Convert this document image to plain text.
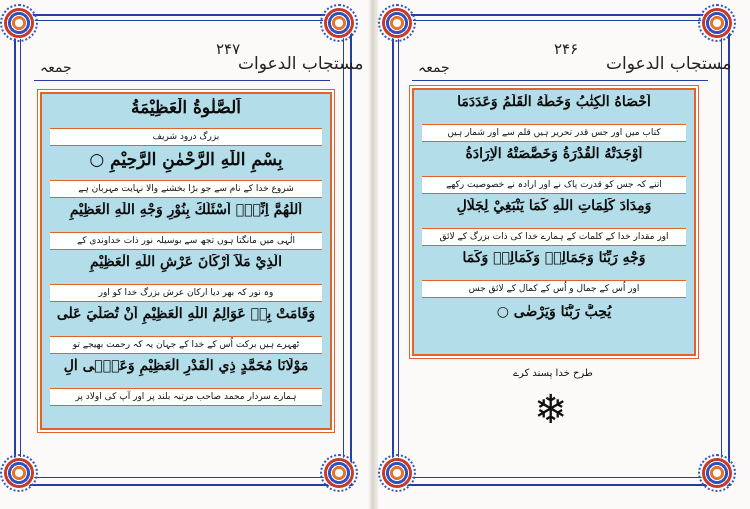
مستجاب الدعوات
۲۴۷
جمعہ
اَلصَّلٰوةُ الْعَظِيْمَةُ
بزرگ درود شریف
بِسْمِ اللّٰهِ الرَّحْمٰنِ الرَّحِيْمِ ○
شروع خدا کے نام سے جو بڑا بخشنے والا نہایت مہربان ہے
اَللّٰهُمَّ اِنِّيْۤ اَسْئَلُكَ بِنُوْرِ وَجْهِ اللّٰهِ الْعَظِيْمِ
الٰہی میں مانگتا ہوں تجھ سے بوسیلہ نور ذات خداوندی کے
الَّذِيْ مَلَاَ اَرْكَانَ عَرْشِ اللّٰهِ الْعَظِيْمِ
وہ نور کہ بھر دیا ارکان عرش بزرگ خدا کو اور
وَقَامَتْ بِهٖ عَوَالِمُ اللّٰهِ الْعَظِيْمِ اَنْ تُصَلِّيَ عَلٰى
ٹھہرے ہیں برکت اُس کے خدا کے جہان یہ کہ رحمت بھیجے تو
مَوْلَانَا مُحَمَّدٍ ذِي الْقَدْرِ الْعَظِيْمِ وَعَلٰۤى اٰلِ
ہمارے سردار محمد صاحب مرتبہ بلند پر اور آپ کی اولاد پر
مستجاب الدعوات
۲۴۶
جمعہ
اَحْصَاهُ الْكِتٰبُ وَخَطَّهُ الْقَلَمُ وَعَدَدَمَا
کتاب میں اور جس قدر تحریر ہیں قلم سے اور شمار ہیں
اَوْجَدَتْهُ الْقُدْرَةُ وَخَصَّصَتْهُ الْاِرَادَةُ
اتنے کہ جس کو قدرت پاک نے اور ارادہ نے خصوصیت رکھے
وَمِدَادَ كَلِمَاتِ اللّٰهِ كَمَا يَنْبَغِيْ لِجَلَالِ
اور مقدار خدا کے کلمات کے ہمارے خدا کی ذات بزرگ کے لائق
وَجْهِ رَبِّنَا وَجَمَالِهٖ وَكَمَالِهٖ وَكَمَا
اور اُس کے جمال و اُس کے کمال کے لائق جس
يُحِبُّ رَبُّنَا وَيَرْضٰى ○
طرح خدا پسند کرے
❄
